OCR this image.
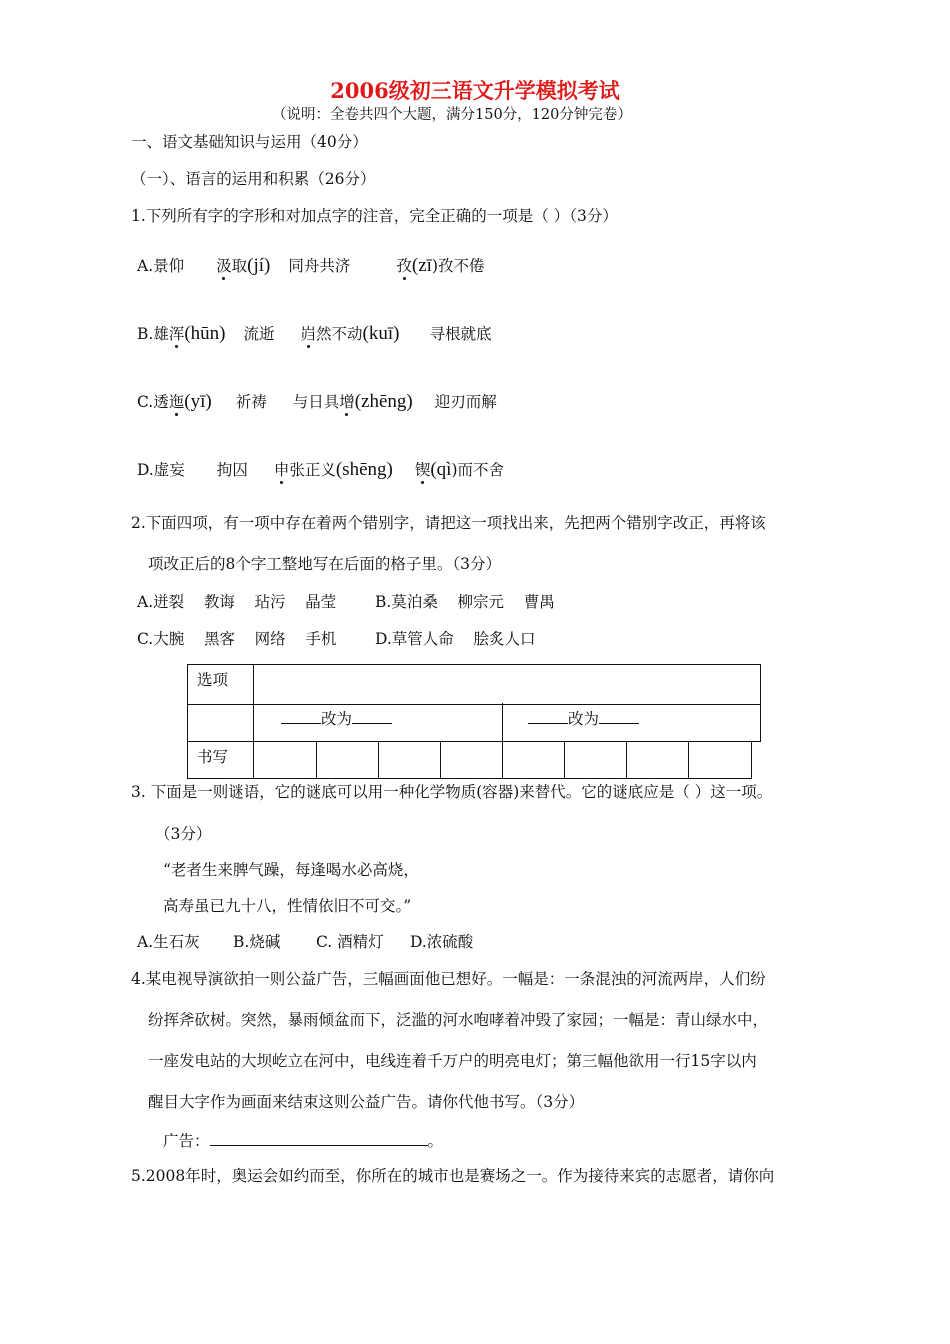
2006级初三语文升学模拟考试
（说明：全卷共四个大题，满分150分，120分钟完卷）
一、语文基础知识与运用（40分）
（一）、语言的运用和积累（26分）
1.下列所有字的字形和对加点字的注音，完全正确的一项是（ ）（3分）
A.景仰 汲取(jí) 同舟共济	孜(zī)孜不倦
B.雄浑(hūn) 流逝 岿然不动(kuī) 寻根就底
C.透迤(yī) 祈祷 与日具增(zhēng) 迎刃而解
D.虚妄 拘囚 申张正义(shēng) 锲(qì)而不舍
2.下面四项，有一项中存在着两个错别字，请把这一项找出来，先把两个错别字改正，再将该
项改正后的8个字工整地写在后面的格子里。（3分）
A.迸裂    教诲    玷污    晶莹	B.莫泊桑    柳宗元    曹禺
C.大腕    黑客    网络    手机 D.草管人命    脍炙人口
选项
改为	改为
书写
3. 下面是一则谜语，它的谜底可以用一种化学物质(容器)来替代。它的谜底应是（ ）这一项。
（3分）
“老者生来脾气躁，每逢喝水必高烧，
高寿虽已九十八，性情依旧不可交。”
A.生石灰 B.烧碱 C. 酒精灯 D.浓硫酸
4.某电视导演欲拍一则公益广告，三幅画面他已想好。一幅是：一条混浊的河流两岸，人们纷
纷挥斧砍树。突然，暴雨倾盆而下，泛滥的河水咆哮着冲毁了家园；一幅是：青山绿水中，
一座发电站的大坝屹立在河中，电线连着千万户的明亮电灯；第三幅他欲用一行15字以内
醒目大字作为画面来结束这则公益广告。请你代他书写。（3分）
广告：	。
5.2008年时，奥运会如约而至，你所在的城市也是赛场之一。作为接待来宾的志愿者，请你向
